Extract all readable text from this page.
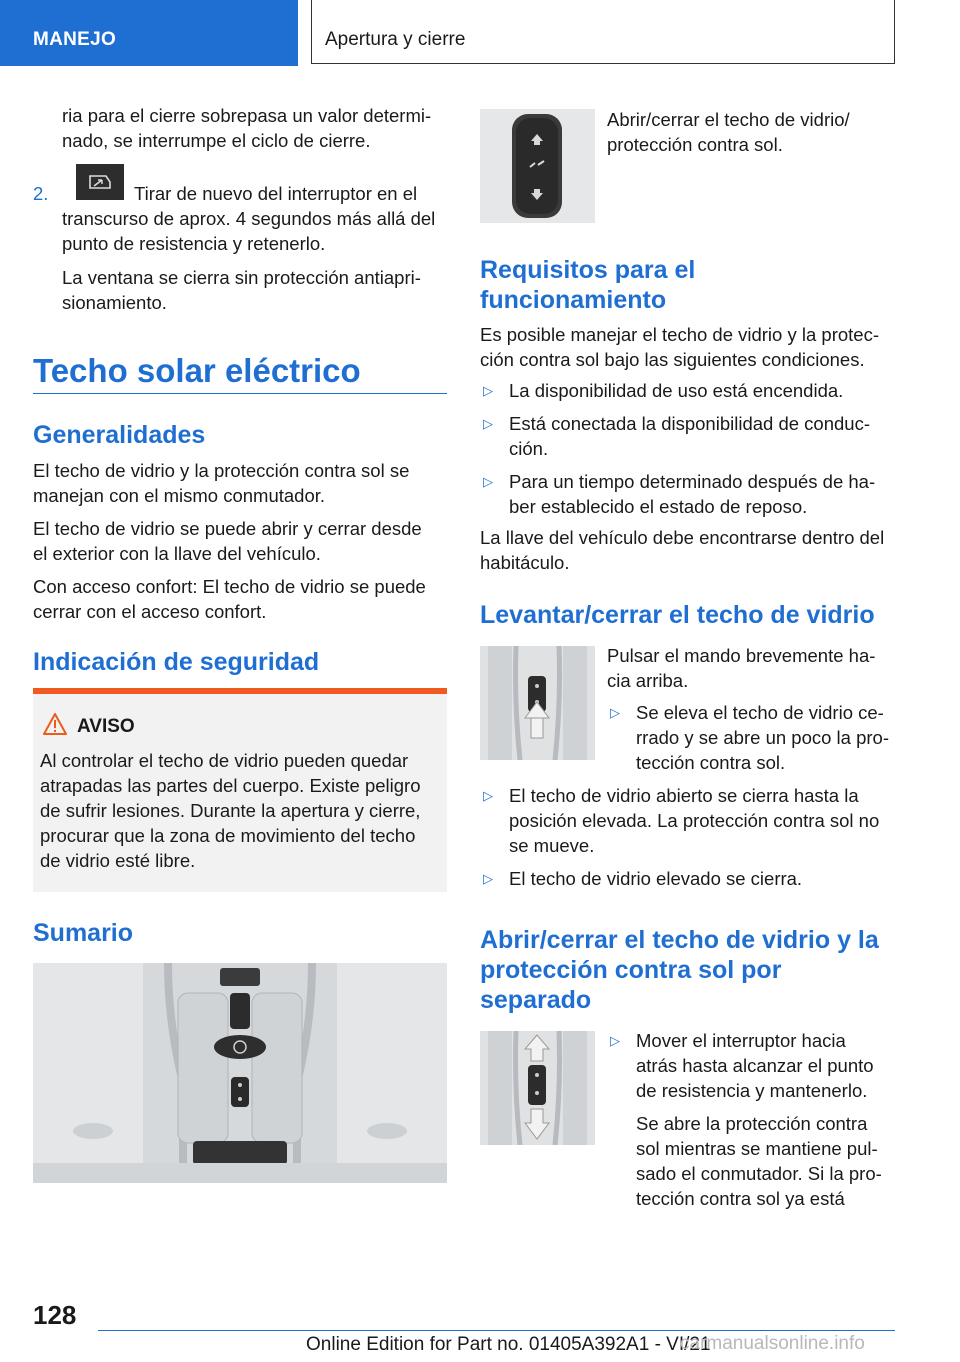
MANEJO	Apertura y cierre
ria para el cierre sobrepasa un valor determi-
nado, se interrumpe el ciclo de cierre.
2.	Tirar de nuevo del interruptor en el
transcurso de aprox. 4 segundos más allá del
punto de resistencia y retenerlo.
La ventana se cierra sin protección antiapri-
sionamiento.
Techo solar eléctrico
Generalidades
El techo de vidrio y la protección contra sol se
manejan con el mismo conmutador.
El techo de vidrio se puede abrir y cerrar desde
el exterior con la llave del vehículo.
Con acceso confort: El techo de vidrio se puede
cerrar con el acceso confort.
Indicación de seguridad
AVISO
Al controlar el techo de vidrio pueden quedar
atrapadas las partes del cuerpo. Existe peligro
de sufrir lesiones. Durante la apertura y cierre,
procurar que la zona de movimiento del techo
de vidrio esté libre.
Sumario
Abrir/cerrar el techo de vidrio/
protección contra sol.
Requisitos para el
funcionamiento
Es posible manejar el techo de vidrio y la protec-
ción contra sol bajo las siguientes condiciones.
▷ La disponibilidad de uso está encendida.
▷ Está conectada la disponibilidad de conduc-
ción.
▷ Para un tiempo determinado después de ha-
ber establecido el estado de reposo.
La llave del vehículo debe encontrarse dentro del
habitáculo.
Levantar/cerrar el techo de vidrio
Pulsar el mando brevemente ha-
cia arriba.
▷ Se eleva el techo de vidrio ce-
rrado y se abre un poco la pro-
tección contra sol.
▷ El techo de vidrio abierto se cierra hasta la
posición elevada. La protección contra sol no
se mueve.
▷ El techo de vidrio elevado se cierra.
Abrir/cerrar el techo de vidrio y la
protección contra sol por
separado
▷ Mover el interruptor hacia
atrás hasta alcanzar el punto
de resistencia y mantenerlo.
Se abre la protección contra
sol mientras se mantiene pul-
sado el conmutador. Si la pro-
tección contra sol ya está
128
Online Edition for Part no. 01405A392A1 - VI/21
carmanualsonline.info
